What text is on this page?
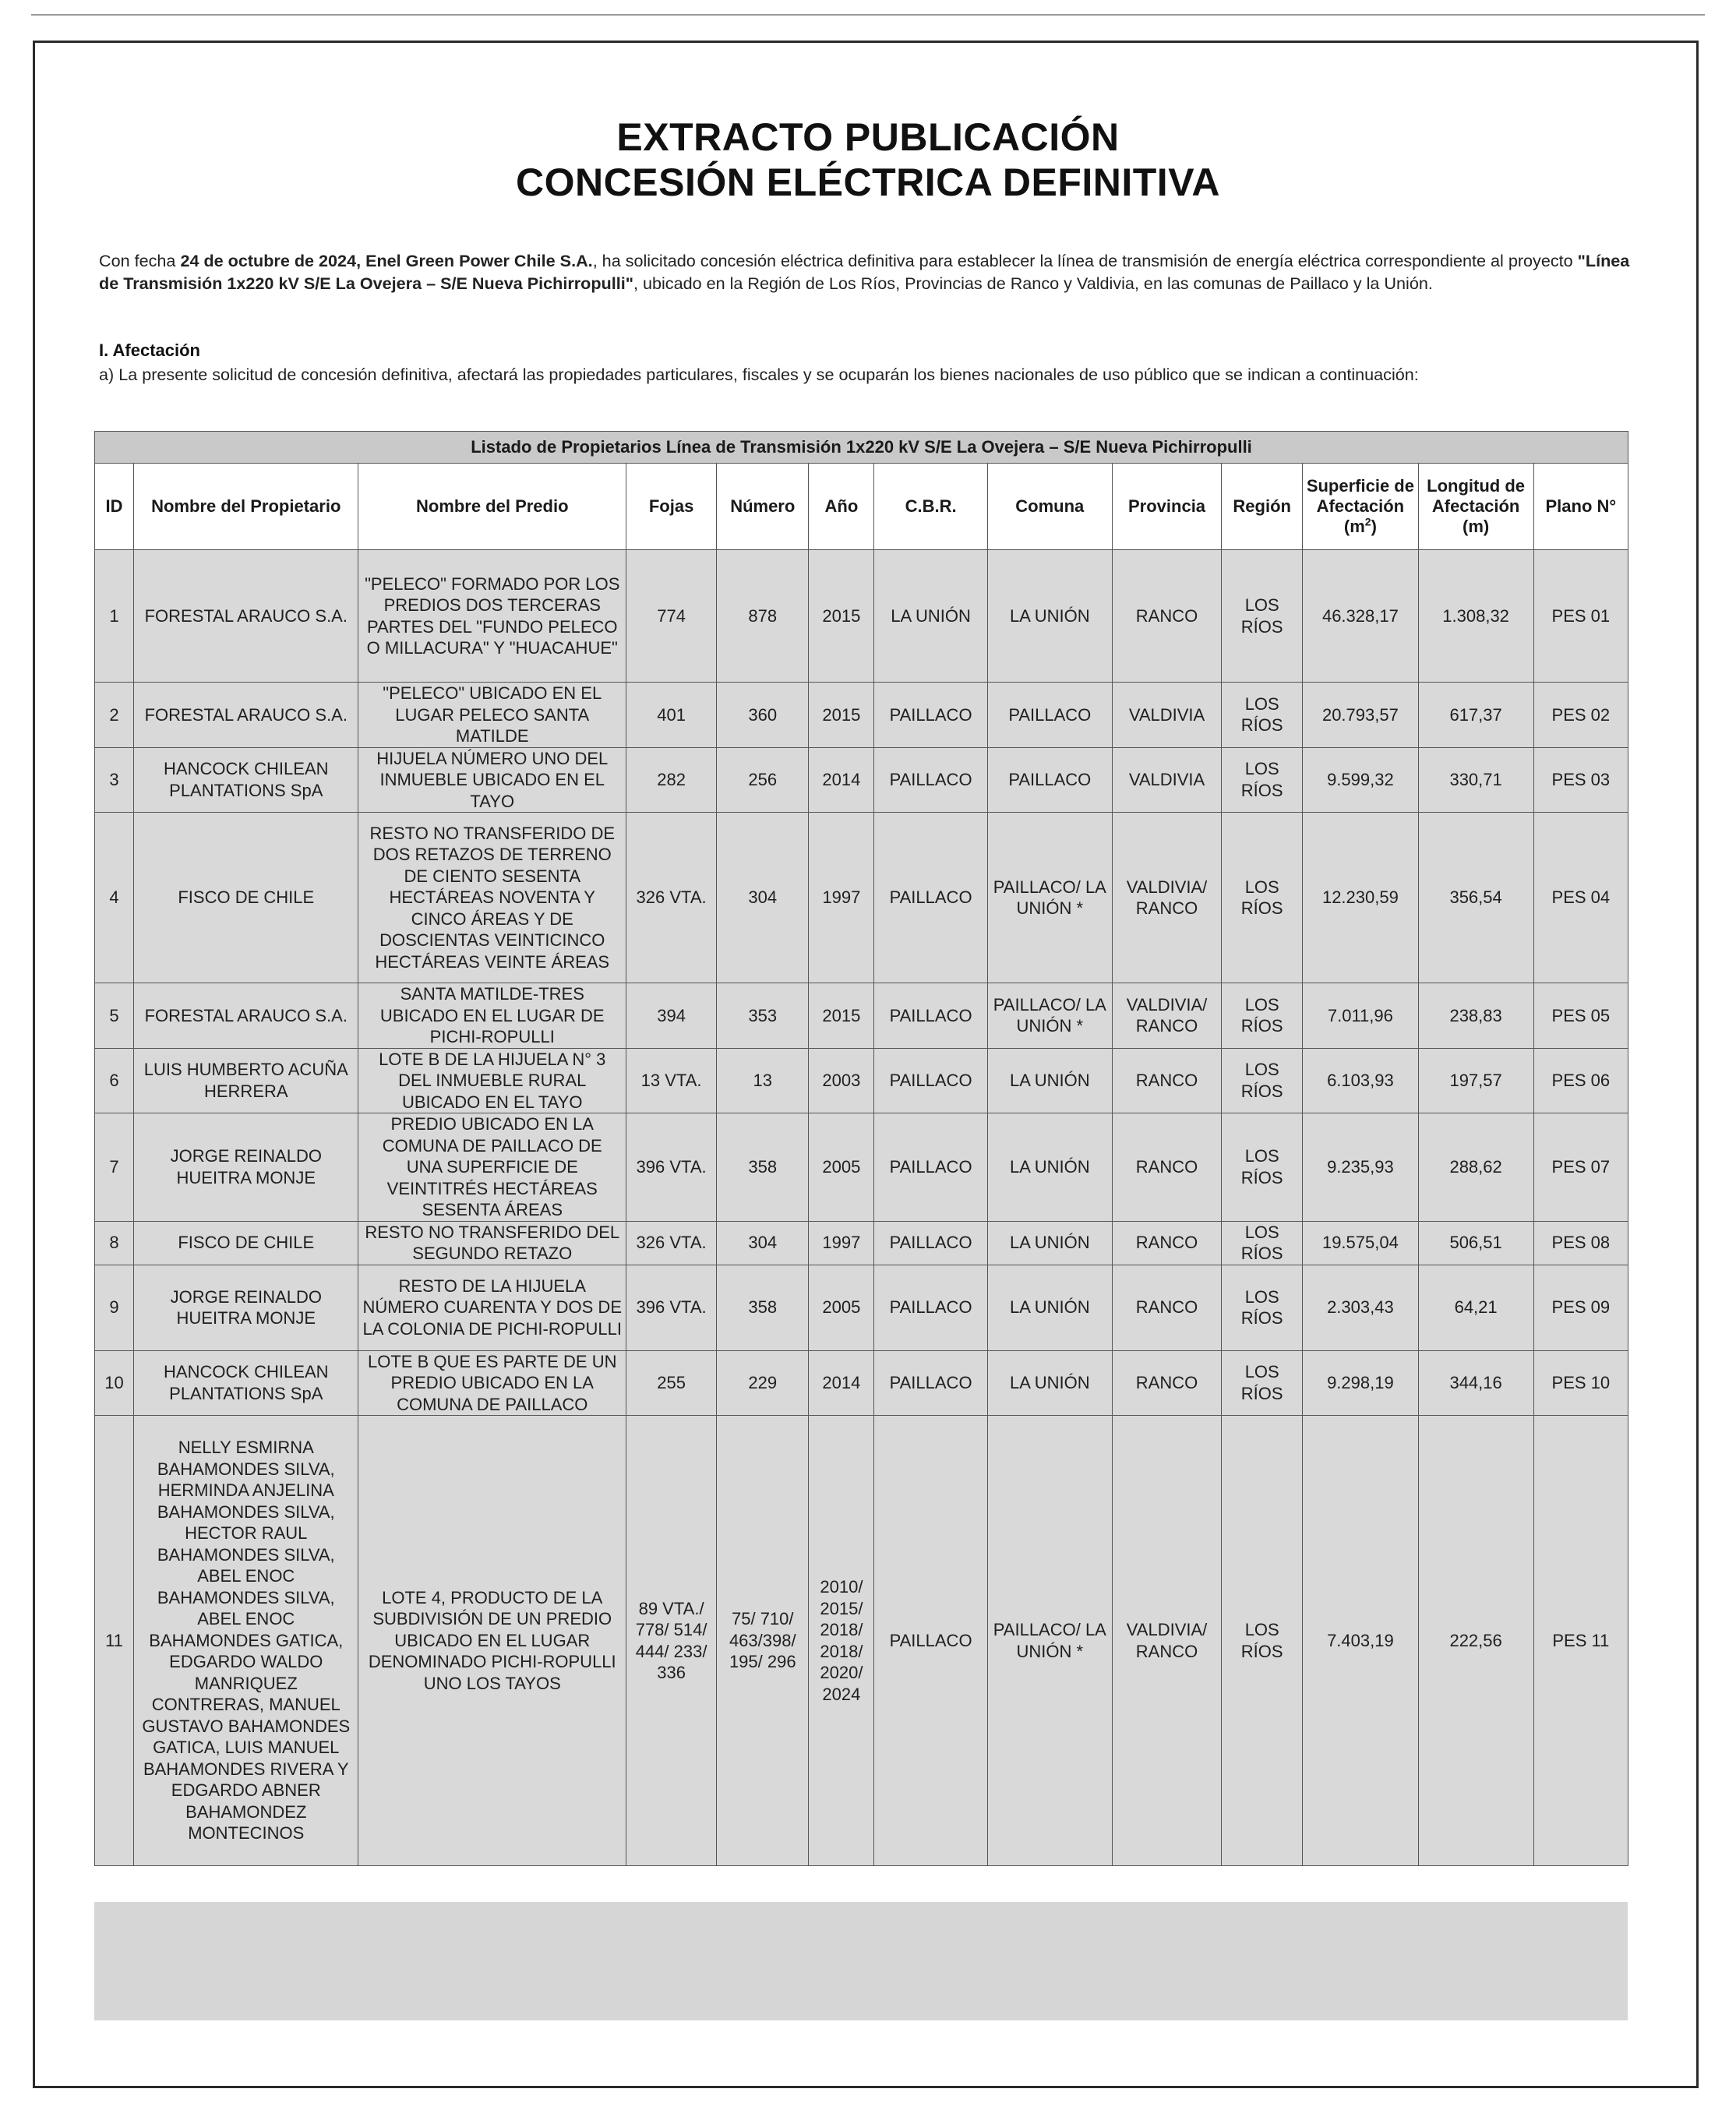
EXTRACTO PUBLICACIÓN
CONCESIÓN ELÉCTRICA DEFINITIVA
Con fecha 24 de octubre de 2024, Enel Green Power Chile S.A., ha solicitado concesión eléctrica definitiva para establecer la línea de transmisión de energía eléctrica correspondiente al proyecto "Línea de Transmisión 1x220 kV S/E La Ovejera – S/E Nueva Pichirropulli", ubicado en la Región de Los Ríos, Provincias de Ranco y Valdivia, en las comunas de Paillaco y la Unión.
I. Afectación
a) La presente solicitud de concesión definitiva, afectará las propiedades particulares, fiscales y se ocuparán los bienes nacionales de uso público que se indican a continuación:
Listado de Propietarios Línea de Transmisión 1x220 kV S/E La Ovejera – S/E Nueva Pichirropulli												
ID	Nombre del Propietario	Nombre del Predio	Fojas	Número	Año	C.B.R.	Comuna	Provincia	Región	Superficie de Afectación $(m^2)$	Longitud de Afectación (m)	Plano N°
1	FORESTAL ARAUCO S.A.	"PELECO" FORMADO POR LOS PREDIOS DOS TERCERAS PARTES DEL "FUNDO PELECO O MILLACURA" Y "HUACAHUE"	774	878	2015	LA UNIÓN	LA UNIÓN	RANCO	LOS RÍOS	46.328,17	1.308,32	PES 01
2	FORESTAL ARAUCO S.A.	"PELECO" UBICADO EN EL LUGAR PELECO SANTA MATILDE	401	360	2015	PAILLACO	PAILLACO	VALDIVIA	LOS RÍOS	20.793,57	617,37	PES 02
3	HANCOCK CHILEAN PLANTATIONS SpA	HIJUELA NÚMERO UNO DEL INMUEBLE UBICADO EN EL TAYO	282	256	2014	PAILLACO	PAILLACO	VALDIVIA	LOS RÍOS	9.599,32	330,71	PES 03
4	FISCO DE CHILE	RESTO NO TRANSFERIDO DE DOS RETAZOS DE TERRENO DE CIENTO SESENTA HECTÁREAS NOVENTA Y CINCO ÁREAS Y DE DOSCIENTAS VEINTICINCO HECTÁREAS VEINTE ÁREAS	326 VTA.	304	1997	PAILLACO	PAILLACO/ LA UNIÓN *	VALDIVIA/ RANCO	LOS RÍOS	12.230,59	356,54	PES 04
5	FORESTAL ARAUCO S.A.	SANTA MATILDE-TRES UBICADO EN EL LUGAR DE PICHI-ROPULLI	394	353	2015	PAILLACO	PAILLACO/ LA UNIÓN *	VALDIVIA/ RANCO	LOS RÍOS	7.011,96	238,83	PES 05
6	LUIS HUMBERTO ACUÑA HERRERA	LOTE B DE LA HIJUELA N° 3 DEL INMUEBLE RURAL UBICADO EN EL TAYO	13 VTA.	13	2003	PAILLACO	LA UNIÓN	RANCO	LOS RÍOS	6.103,93	197,57	PES 06
7	JORGE REINALDO HUEITRA MONJE	PREDIO UBICADO EN LA COMUNA DE PAILLACO DE UNA SUPERFICIE DE VEINTITRÉS HECTÁREAS SESENTA ÁREAS	396 VTA.	358	2005	PAILLACO	LA UNIÓN	RANCO	LOS RÍOS	9.235,93	288,62	PES 07
8	FISCO DE CHILE	RESTO NO TRANSFERIDO DEL SEGUNDO RETAZO	326 VTA.	304	1997	PAILLACO	LA UNIÓN	RANCO	LOS RÍOS	19.575,04	506,51	PES 08
9	JORGE REINALDO HUEITRA MONJE	RESTO DE LA HIJUELA NÚMERO CUARENTA Y DOS DE LA COLONIA DE PICHI-ROPULLI	396 VTA.	358	2005	PAILLACO	LA UNIÓN	RANCO	LOS RÍOS	2.303,43	64,21	PES 09
10	HANCOCK CHILEAN PLANTATIONS SpA	LOTE B QUE ES PARTE DE UN PREDIO UBICADO EN LA COMUNA DE PAILLACO	255	229	2014	PAILLACO	LA UNIÓN	RANCO	LOS RÍOS	9.298,19	344,16	PES 10
11	NELLY ESMIRNA BAHAMONDES SILVA, HERMINDA ANJELINA BAHAMONDES SILVA, HECTOR RAUL BAHAMONDES SILVA, ABEL ENOC BAHAMONDES SILVA, ABEL ENOC BAHAMONDES GATICA, EDGARDO WALDO MANRIQUEZ CONTRERAS, MANUEL GUSTAVO BAHAMONDES GATICA, LUIS MANUEL BAHAMONDES RIVERA Y EDGARDO ABNER BAHAMONDEZ MONTECINOS	LOTE 4, PRODUCTO DE LA SUBDIVISIÓN DE UN PREDIO UBICADO EN EL LUGAR DENOMINADO PICHI-ROPULLI UNO LOS TAYOS	89 VTA./ 778/ 514/ 444/ 233/ 336	75/ 710/ 463/398/ 195/ 296	2010/ 2015/ 2018/ 2018/ 2020/ 2024	PAILLACO	PAILLACO/ LA UNIÓN *	VALDIVIA/ RANCO	LOS RÍOS	7.403,19	222,56	PES 11
